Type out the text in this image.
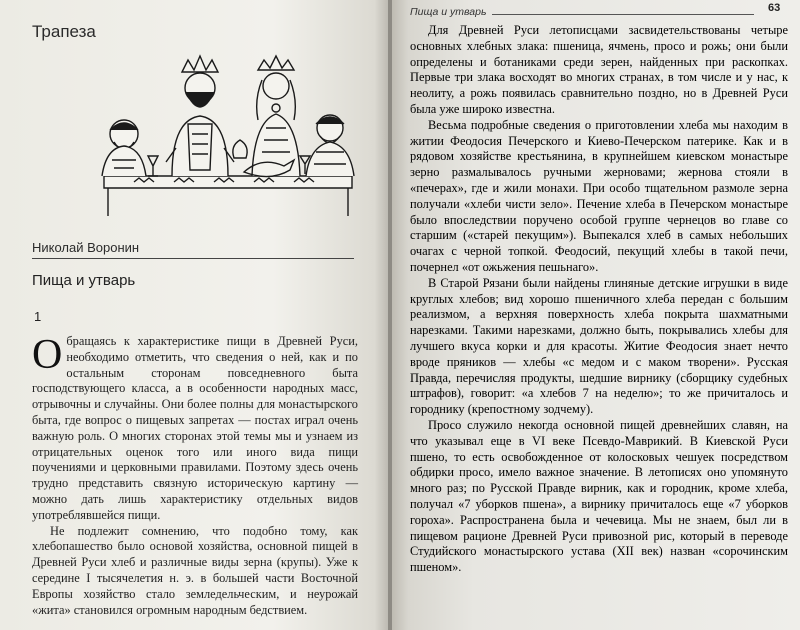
Трапеза
Николай Воронин
Пища и утварь
1

Обращаясь к характеристике пищи в Древней Руси, необходимо отметить, что сведения о ней, как и по остальным сторонам повседневного быта господствующего класса, а в особенности народных масс, отрывочны и случайны. Они более полны для монастырского быта, где вопрос о пищевых запретах — постах играл очень важную роль. О многих сторонах этой темы мы и узнаем из отрицательных оценок того или иного вида пищи поучениями и церковными правилами. Поэтому здесь очень трудно представить связную историческую картину — можно дать лишь характеристику отдельных видов употреблявшейся пищи.

Не подлежит сомнению, что подобно тому, как хлебопашество было основой хозяйства, основной пищей в Древней Руси хлеб и различные виды зерна (крупы). Уже к середине I тысячелетия н. э. в большей части Восточной Европы хозяйство стало земледельческим, и неурожай «жита» становился огромным народным бедствием.

Пища и утварь	63

Для Древней Руси летописцами засвидетельствованы четыре основных хлебных злака: пшеница, ячмень, просо и рожь; они были определены и ботаниками среди зерен, найденных при раскопках. Первые три злака восходят во многих странах, в том числе и у нас, к неолиту, а рожь появилась сравнительно поздно, но в Древней Руси была уже широко известна.

Весьма подробные сведения о приготовлении хлеба мы находим в житии Феодосия Печерского и Киево-Печерском патерике. Как и в рядовом хозяйстве крестьянина, в крупнейшем киевском монастыре зерно размалывалось ручными жерновами; жернова стояли в «печерах», где и жили монахи. При особо тщательном размоле зерна получали «хлеби чисти зело». Печение хлеба в Печерском монастыре было впоследствии поручено особой группе чернецов во главе со старшим («старей пекущим»). Выпекался хлеб в самых небольших очагах с черной топкой. Феодосий, пекущий хлебы в такой печи, почернел «от ожьжения пешьнаго».

В Старой Рязани были найдены глиняные детские игрушки в виде круглых хлебов; вид хорошо пшеничного хлеба передан с большим реализмом, а верхняя поверхность хлеба покрыта шахматными нарезками. Такими нарезками, должно быть, покрывались хлебы для лучшего вкуса корки и для красоты. Житие Феодосия знает нечто вроде пряников — хлебы «с медом и с маком творени». Русская Правда, перечисляя продукты, шедшие вирнику (сборщику судебных штрафов), говорит: «а хлебов 7 на неделю»; то же причиталось и городнику (крепостному зодчему).

Просо служило некогда основной пищей древнейших славян, на что указывал еще в VI веке Псевдо-Маврикий. В Киевской Руси пшено, то есть освобожденное от колосковых чешуек посредством обдирки просо, имело важное значение. В летописях оно упомянуто много раз; по Русской Правде вирник, как и городник, кроме хлеба, получал «7 уборков пшена», а вирнику причиталось еще «7 уборков гороха». Распространена была и чечевица. Мы не знаем, был ли в пищевом рационе Древней Руси привозной рис, который в переводе Студийского монастырского устава (XII век) назван «сорочинским пшеном».
